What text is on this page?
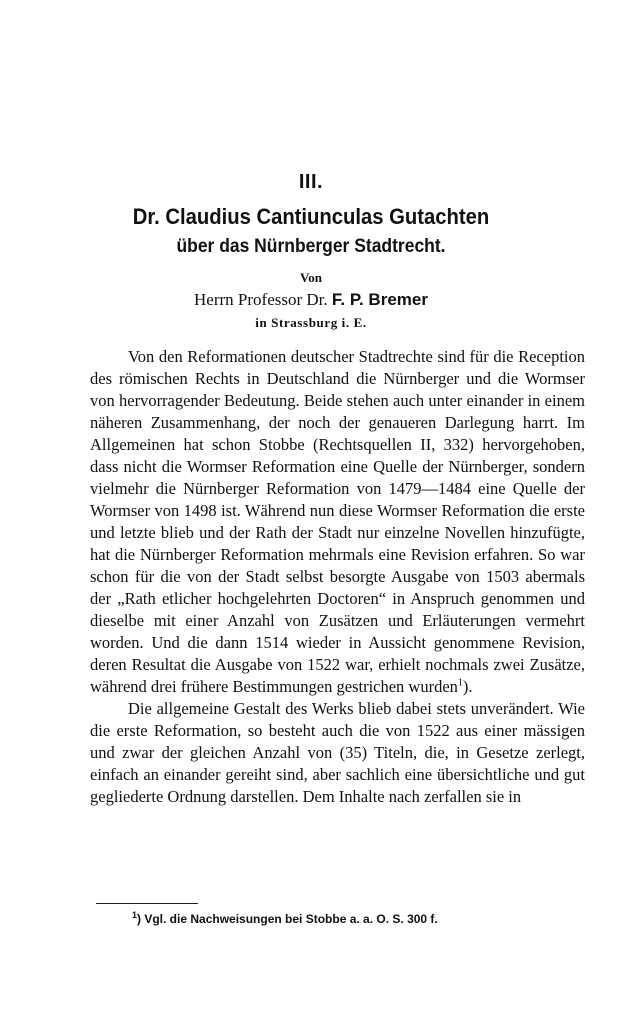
III.
Dr. Claudius Cantiunculas Gutachten
über das Nürnberger Stadtrecht.
Von
Herrn Professor Dr. F. P. Bremer
in Strassburg i. E.

Von den Reformationen deutscher Stadtrechte sind für die Reception des römischen Rechts in Deutschland die Nürnberger und die Wormser von hervorragender Bedeutung. Beide stehen auch unter einander in einem näheren Zusammenhang, der noch der genaueren Darlegung harrt. Im Allgemeinen hat schon Stobbe (Rechtsquellen II, 332) hervorgehoben, dass nicht die Wormser Reformation eine Quelle der Nürnberger, sondern vielmehr die Nürnberger Reformation von 1479—1484 eine Quelle der Wormser von 1498 ist. Während nun diese Wormser Reformation die erste und letzte blieb und der Rath der Stadt nur einzelne Novellen hinzufügte, hat die Nürnberger Reformation mehrmals eine Revision erfahren. So war schon für die von der Stadt selbst besorgte Ausgabe von 1503 abermals der „Rath etlicher hochgelehrten Doctoren“ in Anspruch genommen und dieselbe mit einer Anzahl von Zusätzen und Erläuterungen vermehrt worden. Und die dann 1514 wieder in Aussicht genommene Revision, deren Resultat die Ausgabe von 1522 war, erhielt nochmals zwei Zusätze, während drei frühere Bestimmungen gestrichen wurden$^1$).

Die allgemeine Gestalt des Werks blieb dabei stets unverändert. Wie die erste Reformation, so besteht auch die von 1522 aus einer mässigen und zwar der gleichen Anzahl von (35) Titeln, die, in Gesetze zerlegt, einfach an einander gereiht sind, aber sachlich eine übersichtliche und gut gegliederte Ordnung darstellen. Dem Inhalte nach zerfallen sie in

$^1$) Vgl. die Nachweisungen bei Stobbe a. a. O. S. 300 f.
